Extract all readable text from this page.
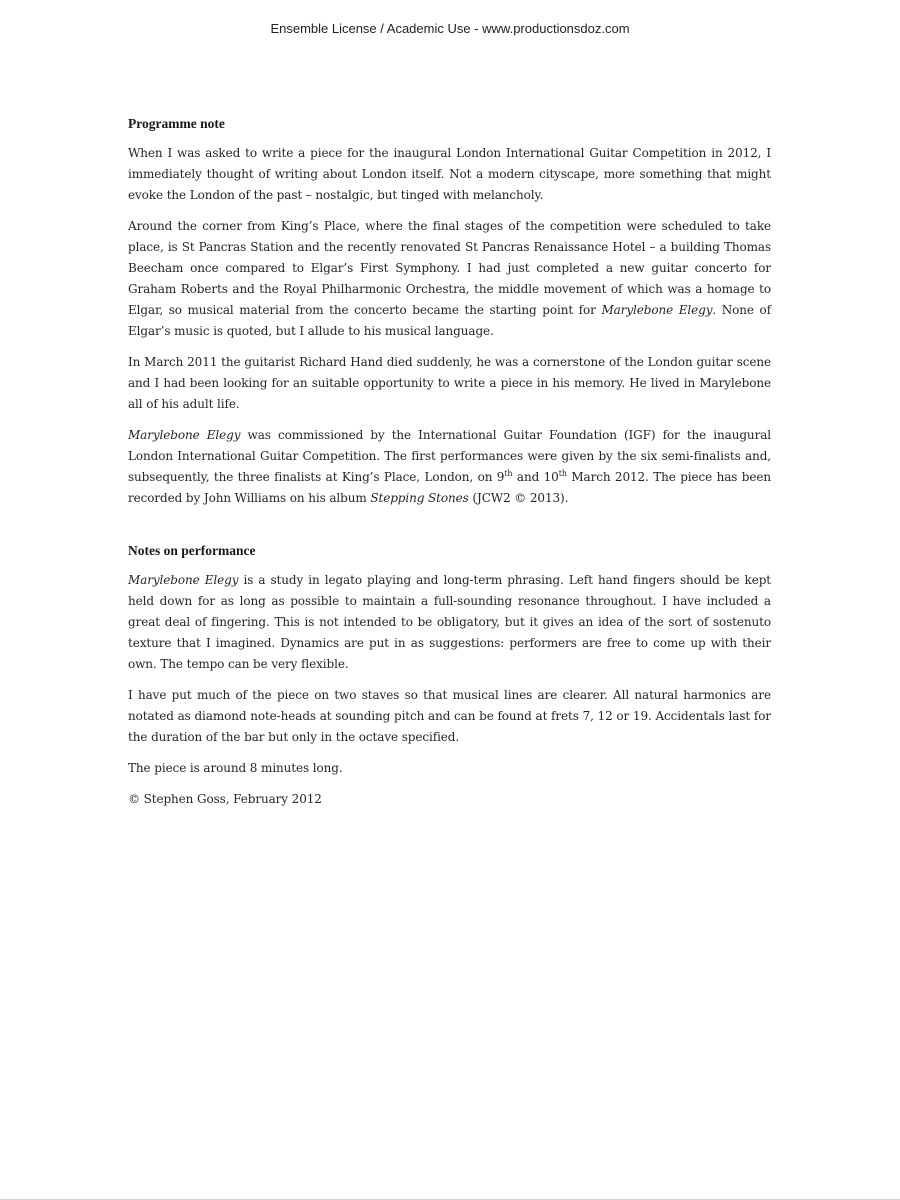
Ensemble License / Academic Use - www.productionsdoz.com
Programme note

When I was asked to write a piece for the inaugural London International Guitar Competition in 2012, I immediately thought of writing about London itself. Not a modern cityscape, more something that might evoke the London of the past – nostalgic, but tinged with melancholy.

Around the corner from King’s Place, where the final stages of the competition were scheduled to take place, is St Pancras Station and the recently renovated St Pancras Renaissance Hotel – a building Thomas Beecham once compared to Elgar’s First Symphony. I had just completed a new guitar concerto for Graham Roberts and the Royal Philharmonic Orchestra, the middle movement of which was a homage to Elgar, so musical material from the concerto became the starting point for Marylebone Elegy. None of Elgar’s music is quoted, but I allude to his musical language.

In March 2011 the guitarist Richard Hand died suddenly, he was a cornerstone of the London guitar scene and I had been looking for an suitable opportunity to write a piece in his memory. He lived in Marylebone all of his adult life.

Marylebone Elegy was commissioned by the International Guitar Foundation (IGF) for the inaugural London International Guitar Competition. The first performances were given by the six semi-finalists and, subsequently, the three finalists at King’s Place, London, on 9th and 10th March 2012. The piece has been recorded by John Williams on his album Stepping Stones (JCW2 © 2013).

Notes on performance

Marylebone Elegy is a study in legato playing and long-term phrasing. Left hand fingers should be kept held down for as long as possible to maintain a full-sounding resonance throughout. I have included a great deal of fingering. This is not intended to be obligatory, but it gives an idea of the sort of sostenuto texture that I imagined. Dynamics are put in as suggestions: performers are free to come up with their own. The tempo can be very flexible.

I have put much of the piece on two staves so that musical lines are clearer. All natural harmonics are notated as diamond note-heads at sounding pitch and can be found at frets 7, 12 or 19. Accidentals last for the duration of the bar but only in the octave specified.

The piece is around 8 minutes long.

© Stephen Goss, February 2012
